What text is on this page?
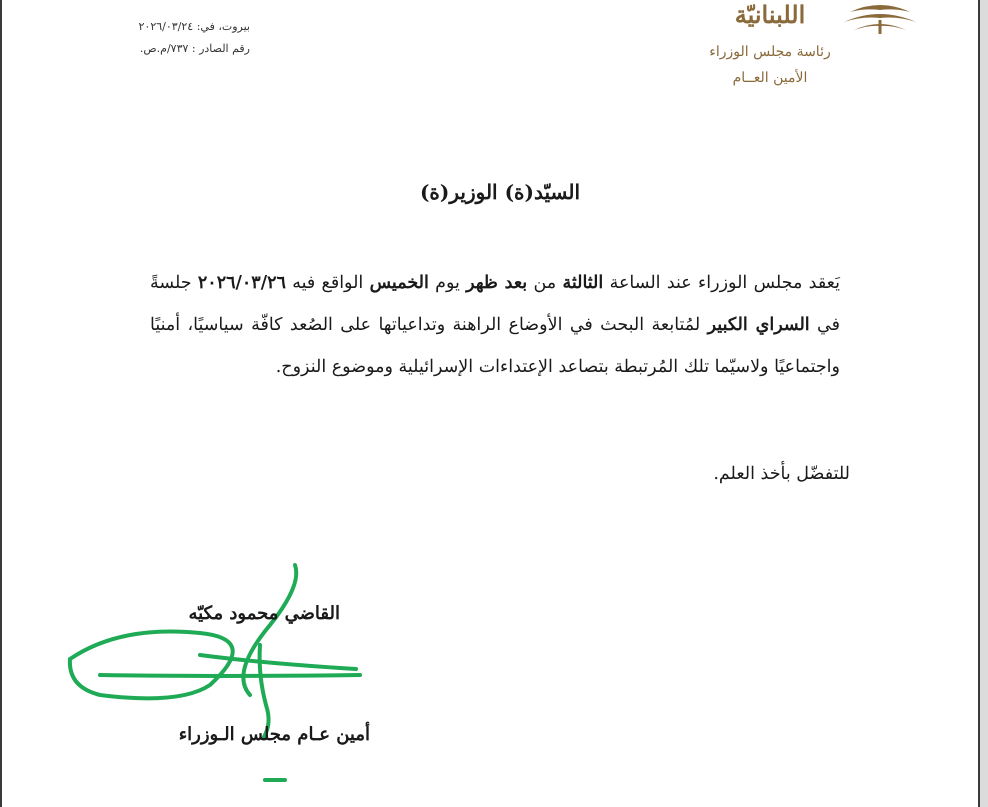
اللبنانيّة
رئاسة مجلس الوزراء
الأمين العــام
بيروت، في: ٢٠٢٦/٠٣/٢٤
رقم الصادر : ٧٣٧/م.ص.
السيّد(ة) الوزير(ة)

يَعقد مجلس الوزراء عند الساعة الثالثة من بعد ظهر يوم الخميس الواقع فيه ٢٠٢٦/٠٣/٢٦ جلسةً في السراي الكبير لمُتابعة البحث في الأوضاع الراهنة وتداعياتها على الصُعد كافّة سياسيًا، أمنيًا واجتماعيًا ولاسيّما تلك المُرتبطة بتصاعد الإعتداءات الإسرائيلية وموضوع النزوح.

للتفضّل بأخذ العلم.
القاضي محمود مكيّه
أمين عـام مجلس الـوزراء
